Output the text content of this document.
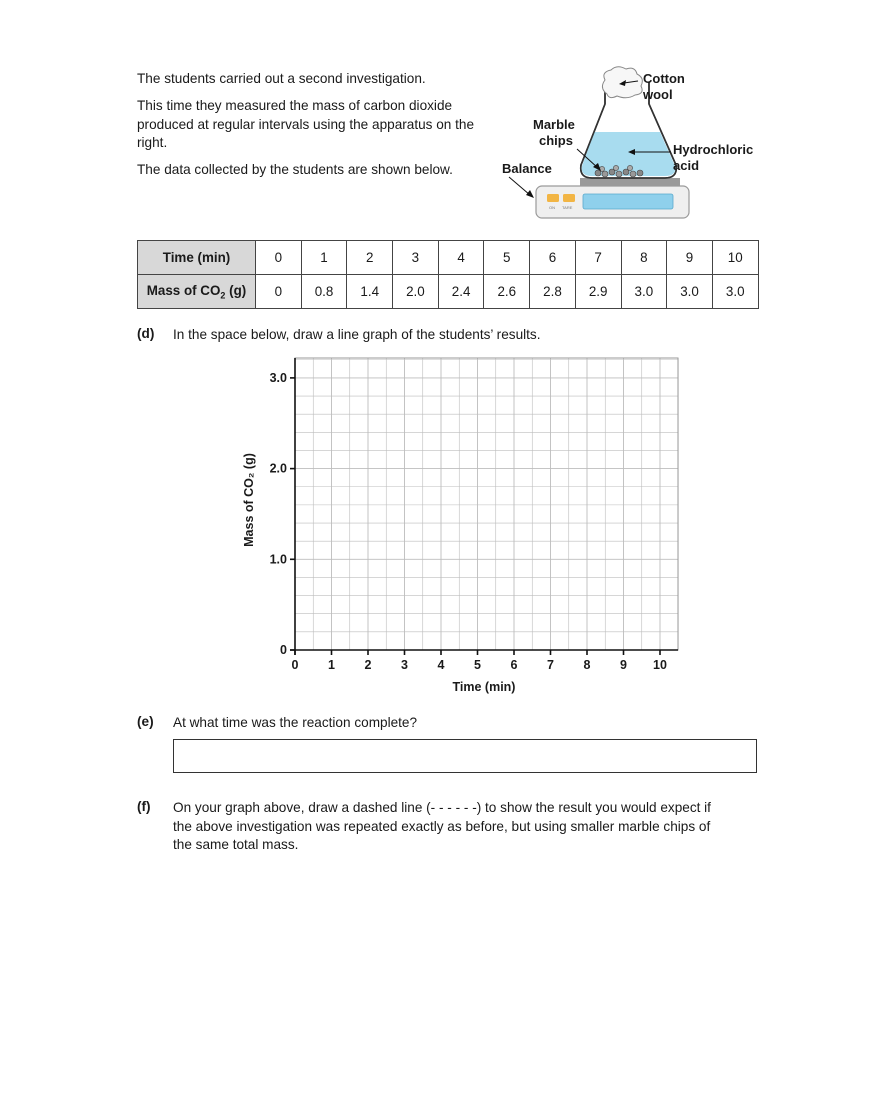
The students carried out a second investigation.
This time they measured the mass of carbon dioxide
produced at regular intervals using the apparatus on the
right.
The data collected by the students are shown below.
ON TARE
Cotton
wool
Marble
chips
Hydrochloric
acid
Balance
Time (min)	0	1	2	3	4	5	6	7	8	9	10
Mass of $CO_2$ (g)	0	0.8	1.4	2.0	2.4	2.6	2.8	2.9	3.0	3.0	3.0
(d) In the space below, draw a line graph of the students’ results.
0
1.0
2.0
3.0
0 1 2 3 4 5 6 7 8 9 10
Mass of CO₂ (g)
Time (min)
(e) At what time was the reaction complete?
(f) On your graph above, draw a dashed line (- - - - - -) to show the result you would expect if
the above investigation was repeated exactly as before, but using smaller marble chips of
the same total mass.
